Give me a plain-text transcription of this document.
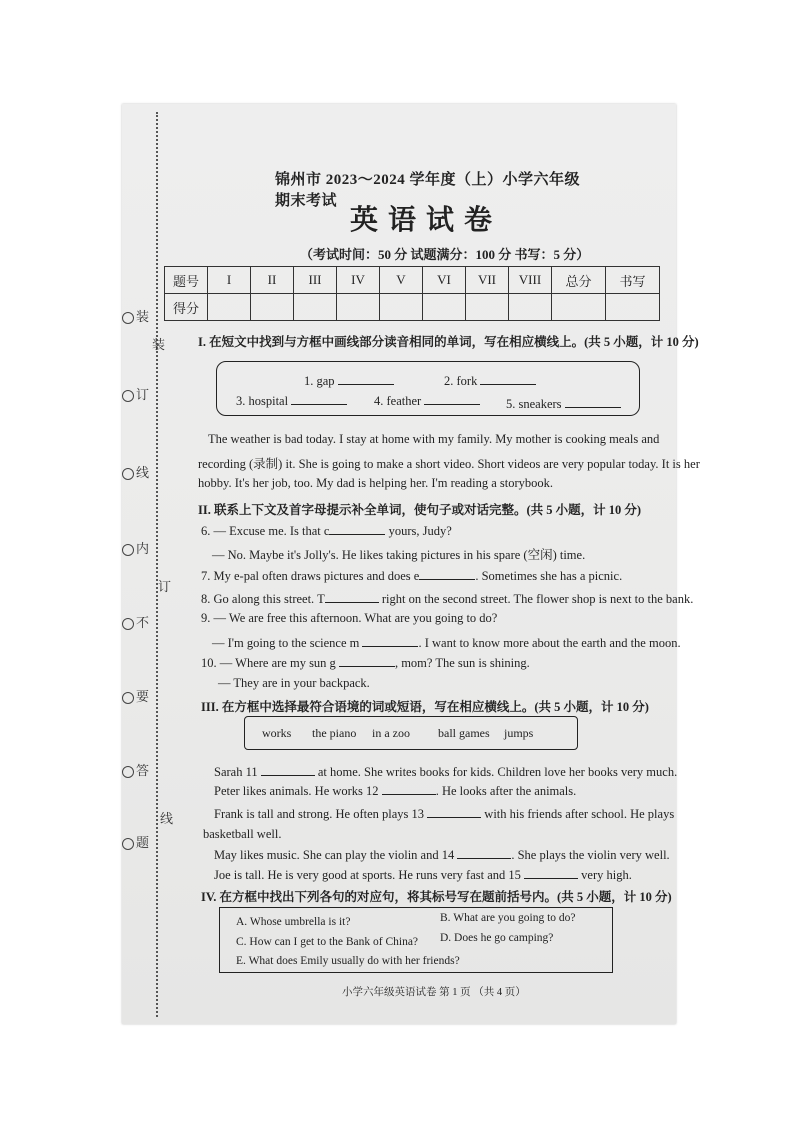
装
订
线
内
不
要
答
题
装
订
线
锦州市 2023～2024 学年度（上）小学六年级期末考试
英语试卷
（考试时间：50 分 试题满分：100 分 书写：5 分）
题号	I	II	III	IV	V	VI	VII	VIII	总分	书写
得分										
I. 在短文中找到与方框中画线部分读音相同的单词，写在相应横线上。(共 5 小题，计 10 分)
1. gap	2. fork
3. hospital	4. feather	5. sneakers
The weather is bad today. I stay at home with my family. My mother is cooking meals and
recording (录制) it. She is going to make a short video. Short videos are very popular today. It is her
hobby. It's her job, too. My dad is helping her. I'm reading a storybook.
II. 联系上下文及首字母提示补全单词，使句子或对话完整。(共 5 小题，计 10 分)
6. — Excuse me. Is that c	yours, Judy?
— No. Maybe it's Jolly's. He likes taking pictures in his spare (空闲) time.
7. My e-pal often draws pictures and does e	. Sometimes she has a picnic.
8. Go along this street. T	right on the second street. The flower shop is next to the bank.
9. — We are free this afternoon. What are you going to do?
— I'm going to the science m	. I want to know more about the earth and the moon.
10. — Where are my sun g	, mom? The sun is shining.
— They are in your backpack.
III. 在方框中选择最符合语境的词或短语，写在相应横线上。(共 5 小题，计 10 分)
works the piano in a zoo ball games jumps
Sarah 11	at home. She writes books for kids. Children love her books very much.
Peter likes animals. He works 12	. He looks after the animals.
Frank is tall and strong. He often plays 13	with his friends after school. He plays
basketball well.
May likes music. She can play the violin and 14	. She plays the violin very well.
Joe is tall. He is very good at sports. He runs very fast and 15	very high.
IV. 在方框中找出下列各句的对应句，将其标号写在题前括号内。(共 5 小题，计 10 分)
A. Whose umbrella is it?	B. What are you going to do?
C. How can I get to the Bank of China? D. Does he go camping?
E. What does Emily usually do with her friends?
小学六年级英语试卷 第 1 页 （共 4 页）
